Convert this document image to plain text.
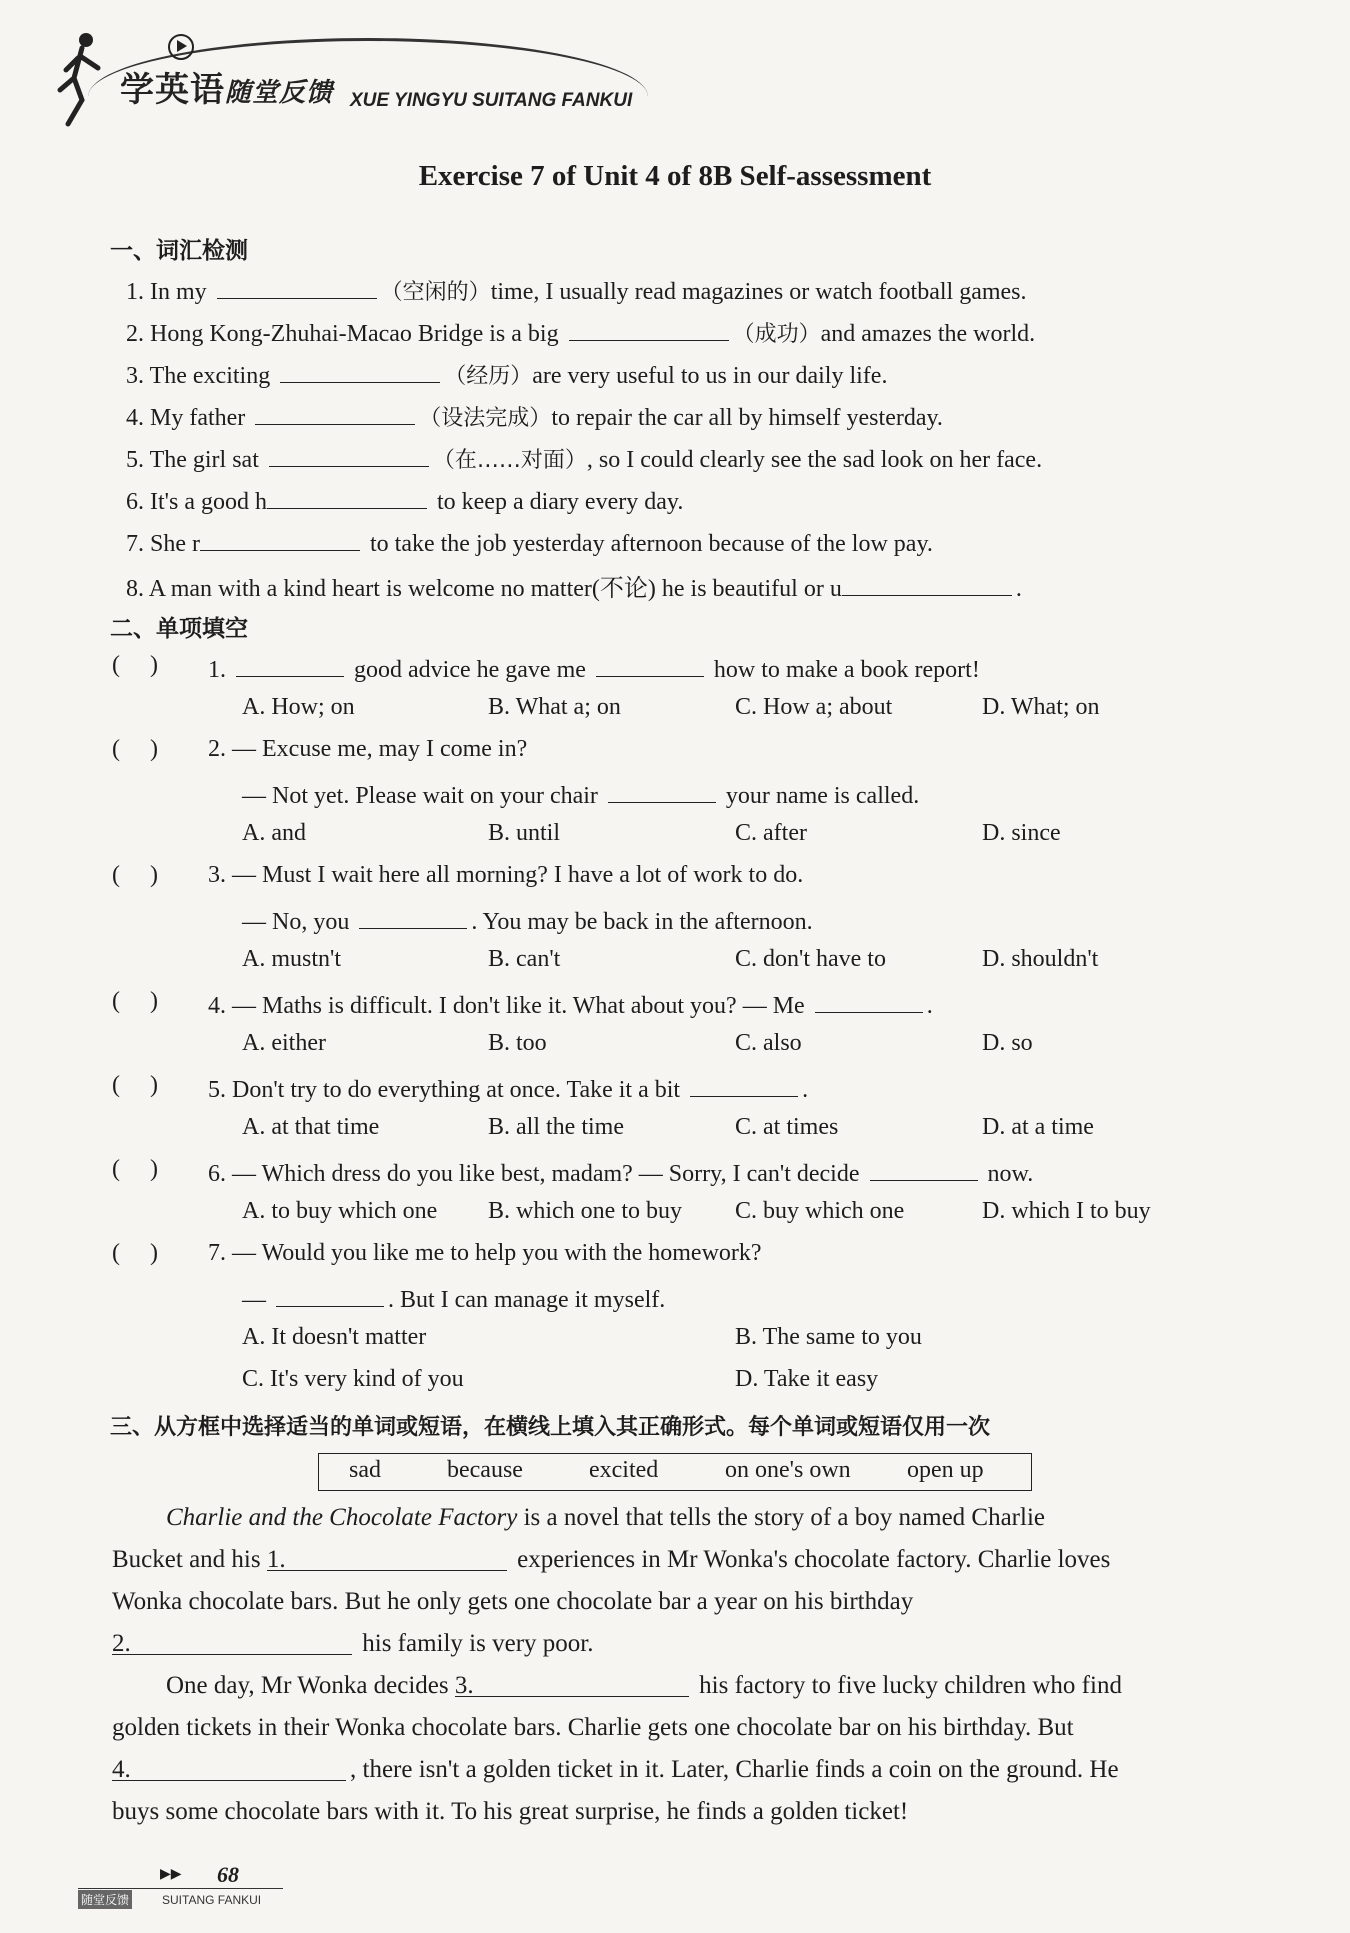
学英语随堂反馈 XUE YINGYU SUITANG FANKUI
Exercise 7 of Unit 4 of 8B Self-assessment
一、词汇检测
1. In my	（空闲的）time, I usually read magazines or watch football games.
2. Hong Kong-Zhuhai-Macao Bridge is a big	（成功）and amazes the world.
3. The exciting	（经历）are very useful to us in our daily life.
4. My father	（设法完成）to repair the car all by himself yesterday.
5. The girl sat	（在……对面）, so I could clearly see the sad look on her face.
6. It's a good h	to keep a diary every day.
7. She r	to take the job yesterday afternoon because of the low pay.
8. A man with a kind heart is welcome no matter(不论) he is beautiful or u	.
二、单项填空
(     ) 1.	good advice he gave me	how to make a book report!
A. How; on	B. What a; on	C. How a; about	D. What; on
(     ) 2. — Excuse me, may I come in?
— Not yet. Please wait on your chair	your name is called.
A. and	B. until	C. after	D. since
(     ) 3. — Must I wait here all morning? I have a lot of work to do.
— No, you	. You may be back in the afternoon.
A. mustn't	B. can't	C. don't have to	D. shouldn't
(     ) 4. — Maths is difficult. I don't like it. What about you? — Me	.
A. either	B. too	C. also	D. so
(     ) 5. Don't try to do everything at once. Take it a bit	.
A. at that time	B. all the time	C. at times	D. at a time
(     ) 6. — Which dress do you like best, madam? — Sorry, I can't decide	now.
A. to buy which one B. which one to buy C. buy which one	D. which I to buy
(     ) 7. — Would you like me to help you with the homework?
—	. But I can manage it myself.
A. It doesn't matter	B. The same to you
C. It's very kind of you	D. Take it easy
三、从方框中选择适当的单词或短语，在横线上填入其正确形式。每个单词或短语仅用一次
sad	because	excited	on one's own open up
Charlie and the Chocolate Factory is a novel that tells the story of a boy named Charlie
Bucket and his 1.	experiences in Mr Wonka's chocolate factory. Charlie loves
Wonka chocolate bars. But he only gets one chocolate bar a year on his birthday
2.	his family is very poor.
One day, Mr Wonka decides 3.	his factory to five lucky children who find
golden tickets in their Wonka chocolate bars. Charlie gets one chocolate bar on his birthday. But
4.	, there isn't a golden ticket in it. Later, Charlie finds a coin on the ground. He
buys some chocolate bars with it. To his great surprise, he finds a golden ticket!
▶▶ 68
随堂反馈	SUITANG FANKUI
